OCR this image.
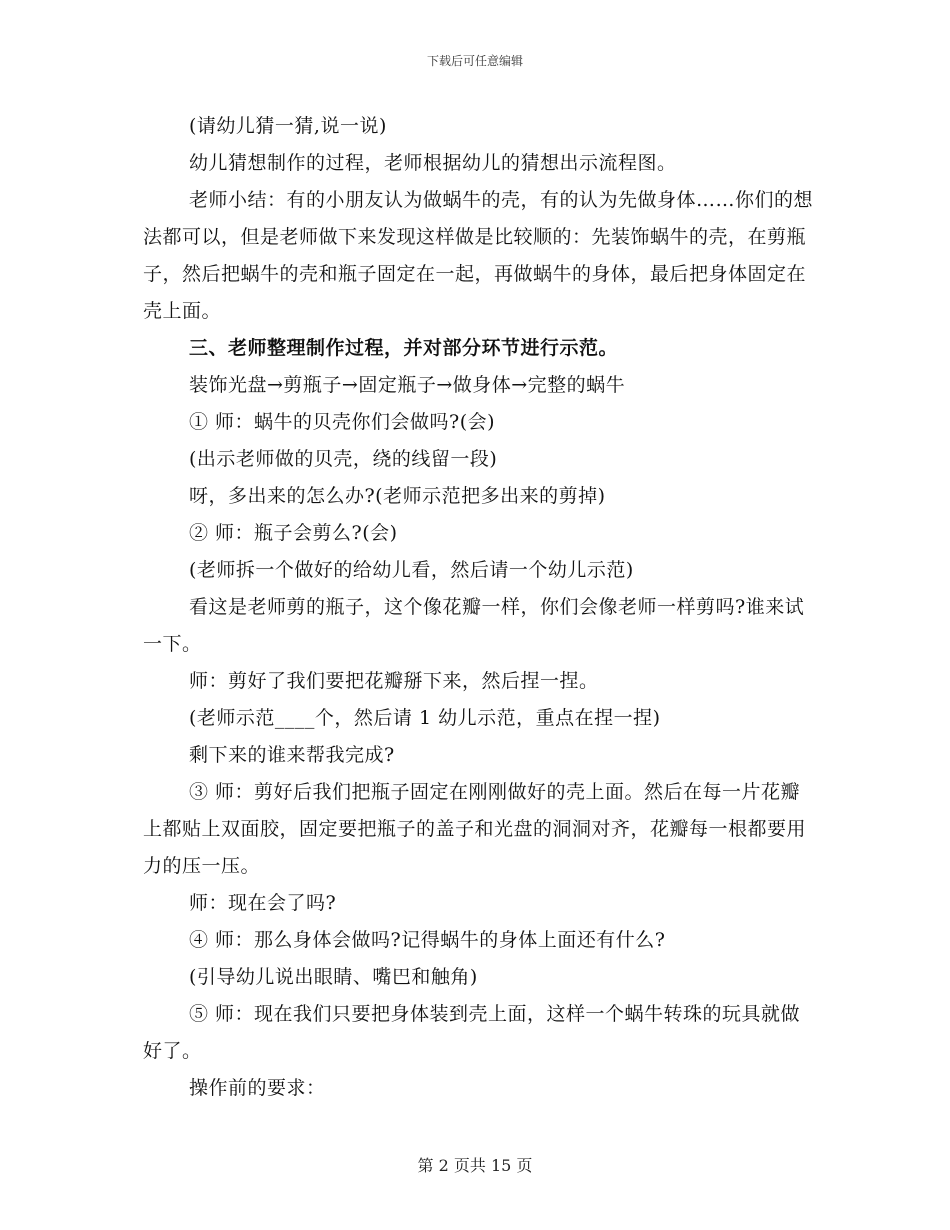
下载后可任意编辑

(请幼儿猜一猜,说一说)

幼儿猜想制作的过程，老师根据幼儿的猜想出示流程图。

老师小结：有的小朋友认为做蜗牛的壳，有的认为先做身体……你们的想法都可以，但是老师做下来发现这样做是比较顺的：先装饰蜗牛的壳，在剪瓶子，然后把蜗牛的壳和瓶子固定在一起，再做蜗牛的身体，最后把身体固定在壳上面。

三、老师整理制作过程，并对部分环节进行示范。

装饰光盘→剪瓶子→固定瓶子→做身体→完整的蜗牛

① 师：蜗牛的贝壳你们会做吗?(会)

(出示老师做的贝壳，绕的线留一段)

呀，多出来的怎么办?(老师示范把多出来的剪掉)

② 师：瓶子会剪么?(会)

(老师拆一个做好的给幼儿看，然后请一个幼儿示范)

看这是老师剪的瓶子，这个像花瓣一样，你们会像老师一样剪吗?谁来试一下。

师：剪好了我们要把花瓣掰下来，然后捏一捏。

(老师示范____个，然后请 1 幼儿示范，重点在捏一捏)

剩下来的谁来帮我完成?

③ 师：剪好后我们把瓶子固定在刚刚做好的壳上面。然后在每一片花瓣上都贴上双面胶，固定要把瓶子的盖子和光盘的洞洞对齐，花瓣每一根都要用力的压一压。

师：现在会了吗?

④ 师：那么身体会做吗?记得蜗牛的身体上面还有什么?

(引导幼儿说出眼睛、嘴巴和触角)

⑤ 师：现在我们只要把身体装到壳上面，这样一个蜗牛转珠的玩具就做好了。

操作前的要求：

第 2 页共 15 页
